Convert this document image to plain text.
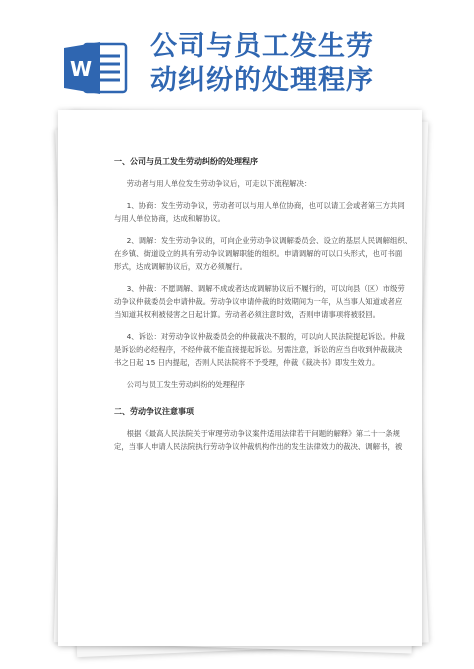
W
公司与员工发生劳
动纠纷的处理程序
一、公司与员工发生劳动纠纷的处理程序
劳动者与用人单位发生劳动争议后，可走以下流程解决：
1、协商：发生劳动争议，劳动者可以与用人单位协商，也可以请工会或者第三方共同
与用人单位协商，达成和解协议。
2、调解：发生劳动争议的，可向企业劳动争议调解委员会、设立的基层人民调解组织、
在乡镇、街道设立的具有劳动争议调解职能的组织。申请调解的可以口头形式，也可书面
形式，达成调解协议后，双方必须履行。
3、仲裁：不愿调解、调解不成或者达成调解协议后不履行的，可以向县（区）市级劳
动争议仲裁委员会申请仲裁。劳动争议申请仲裁的时效期间为一年，从当事人知道或者应
当知道其权利被侵害之日起计算。劳动者必须注意时效，否则申请事项将被驳回。
4、诉讼：对劳动争议仲裁委员会的仲裁裁决不服的，可以向人民法院提起诉讼。仲裁
是诉讼的必经程序，不经仲裁不能直接提起诉讼。另需注意，诉讼的应当自收到仲裁裁决
书之日起 15 日内提起，否则人民法院将不予受理，仲裁《裁决书》即发生效力。
公司与员工发生劳动纠纷的处理程序
二、劳动争议注意事项
根据《最高人民法院关于审理劳动争议案件适用法律若干问题的解释》第二十一条规
定，当事人申请人民法院执行劳动争议仲裁机构作出的发生法律效力的裁决、调解书，被
